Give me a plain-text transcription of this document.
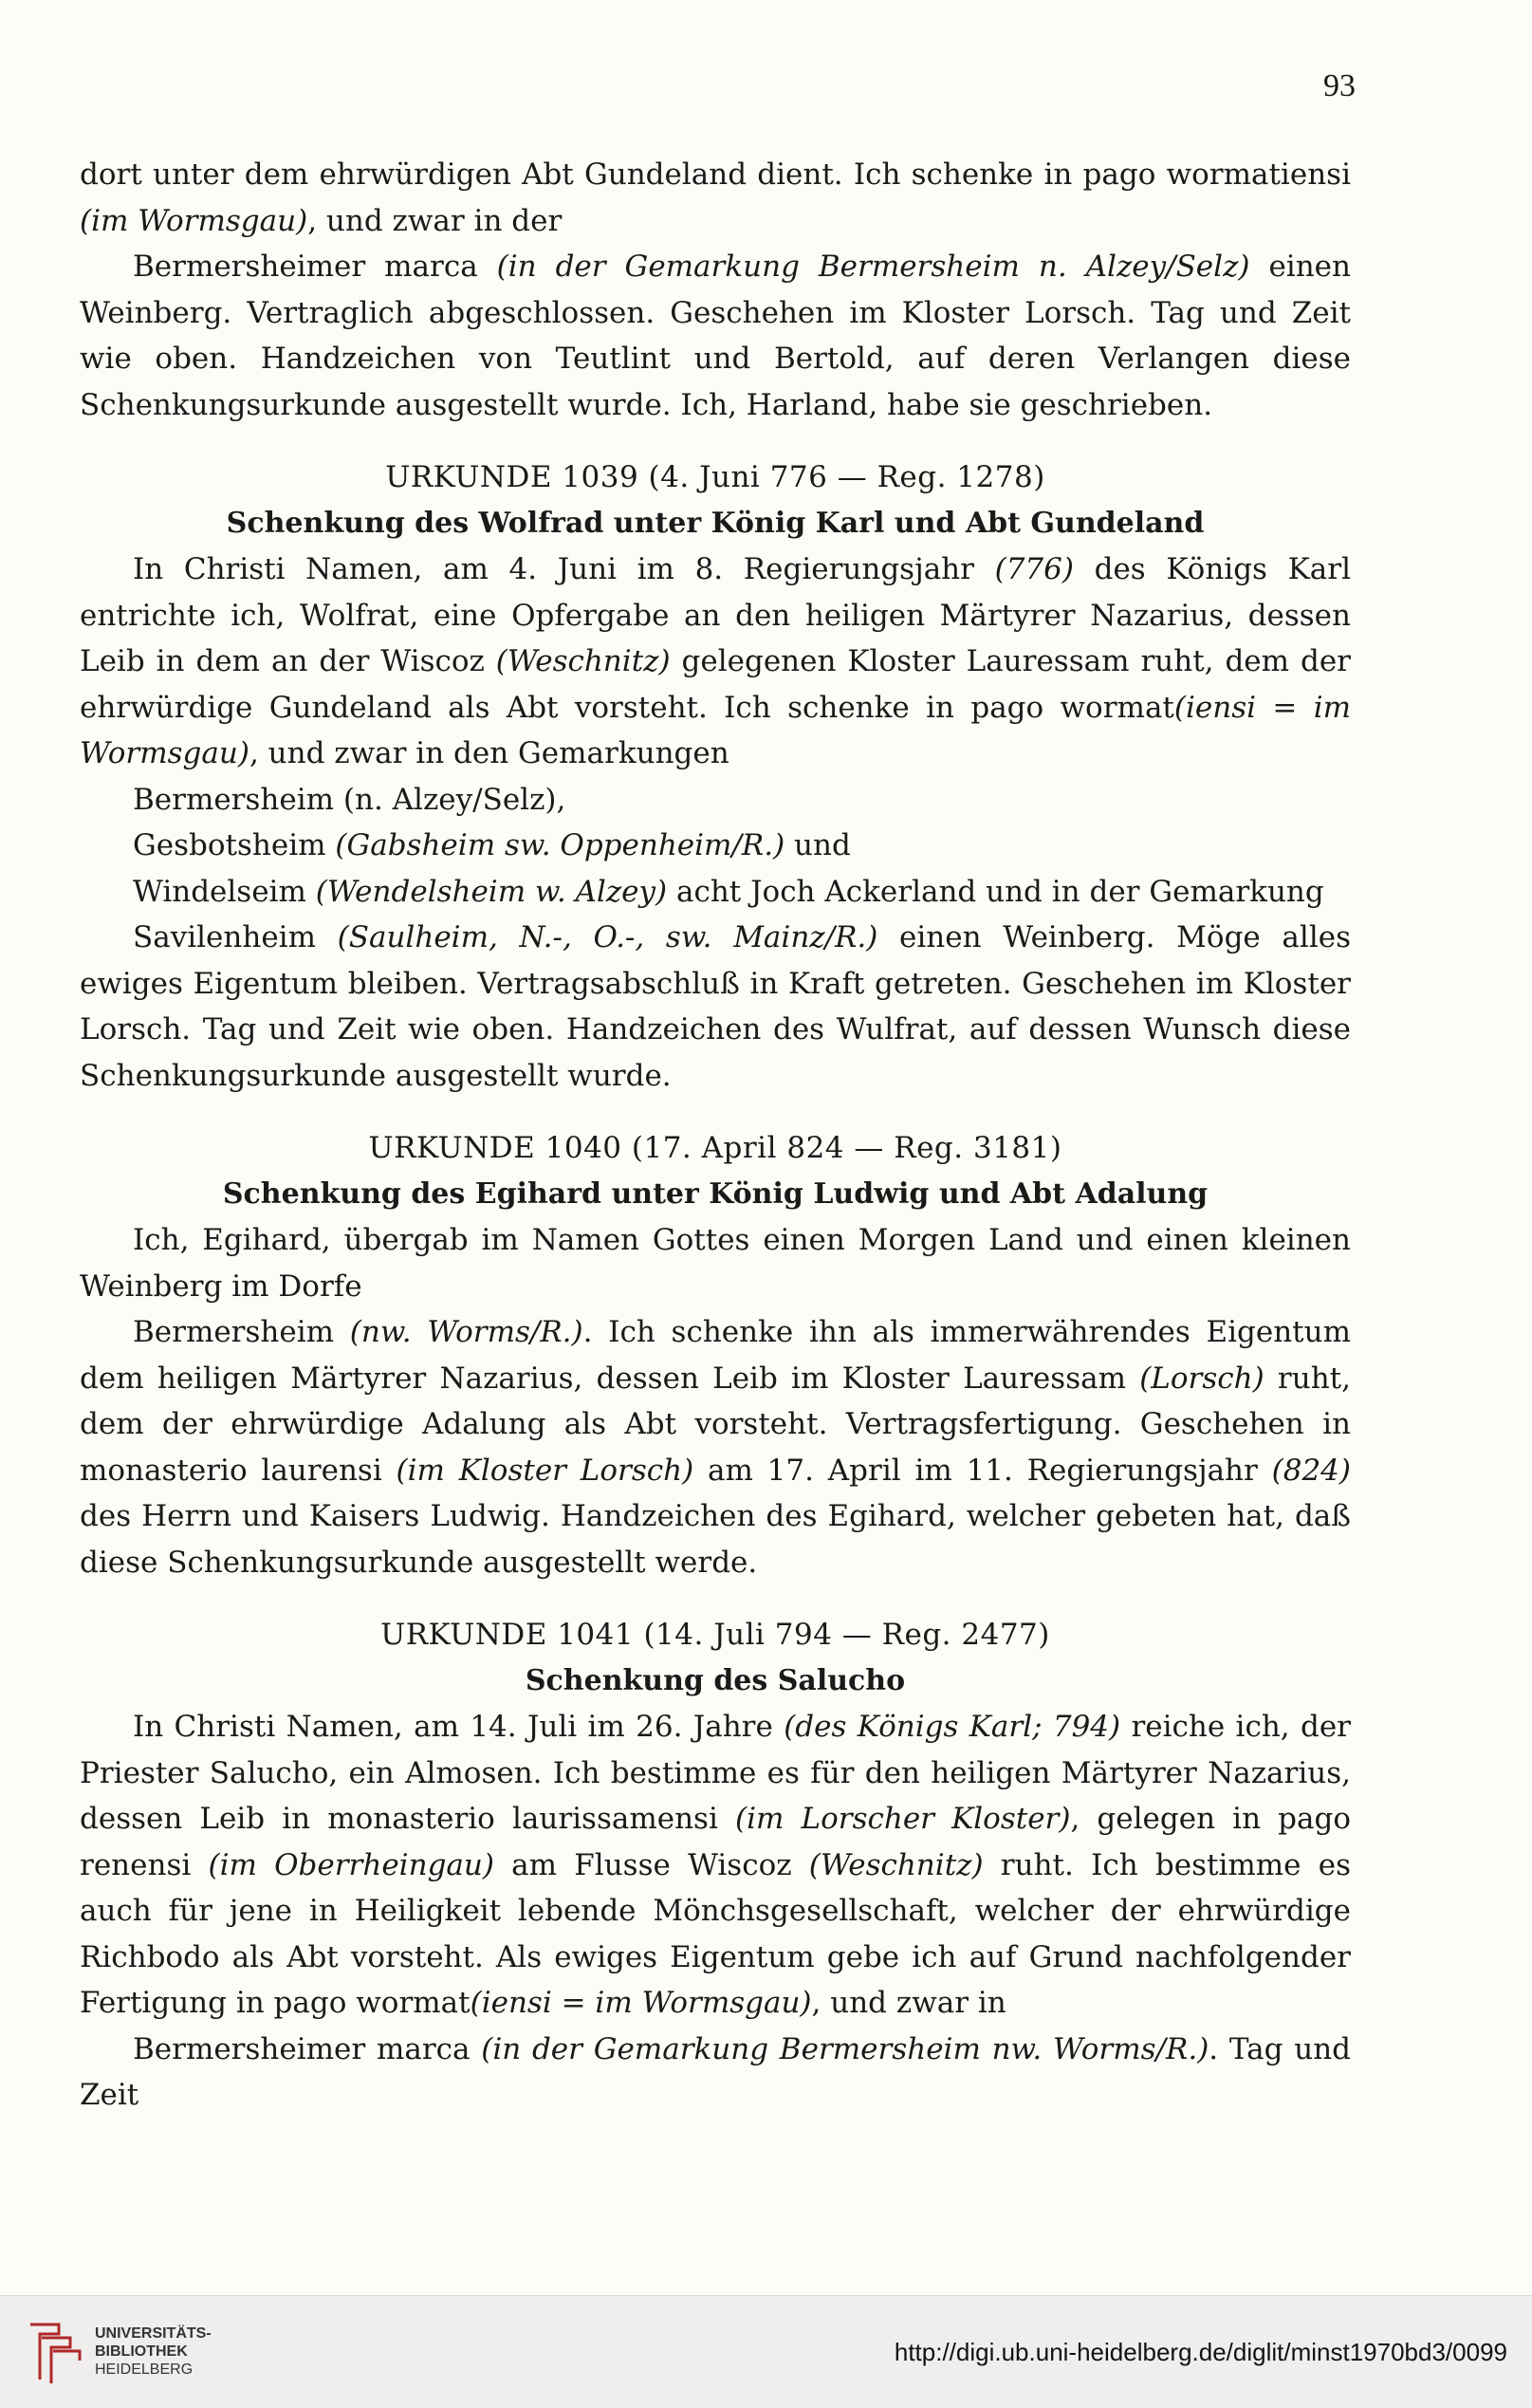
93

dort unter dem ehrwürdigen Abt Gundeland dient. Ich schenke in pago wormatiensi (im Wormsgau), und zwar in der

Bermersheimer marca (in der Gemarkung Bermersheim n. Alzey/Selz) einen Weinberg. Vertraglich abgeschlossen. Geschehen im Kloster Lorsch. Tag und Zeit wie oben. Handzeichen von Teutlint und Bertold, auf deren Verlangen diese Schenkungsurkunde ausgestellt wurde. Ich, Harland, habe sie geschrieben.

URKUNDE 1039 (4. Juni 776 — Reg. 1278)
Schenkung des Wolfrad unter König Karl und Abt Gundeland

In Christi Namen, am 4. Juni im 8. Regierungsjahr (776) des Königs Karl entrichte ich, Wolfrat, eine Opfergabe an den heiligen Märtyrer Nazarius, dessen Leib in dem an der Wiscoz (Weschnitz) gelegenen Kloster Lauressam ruht, dem der ehrwürdige Gundeland als Abt vorsteht. Ich schenke in pago wormat(iensi = im Wormsgau), und zwar in den Gemarkungen

Bermersheim (n. Alzey/Selz),

Gesbotsheim (Gabsheim sw. Oppenheim/R.) und

Windelseim (Wendelsheim w. Alzey) acht Joch Ackerland und in der Gemarkung

Savilenheim (Saulheim, N.-, O.-, sw. Mainz/R.) einen Weinberg. Möge alles ewiges Eigentum bleiben. Vertragsabschluß in Kraft getreten. Geschehen im Kloster Lorsch. Tag und Zeit wie oben. Handzeichen des Wulfrat, auf dessen Wunsch diese Schenkungsurkunde ausgestellt wurde.

URKUNDE 1040 (17. April 824 — Reg. 3181)
Schenkung des Egihard unter König Ludwig und Abt Adalung

Ich, Egihard, übergab im Namen Gottes einen Morgen Land und einen kleinen Weinberg im Dorfe

Bermersheim (nw. Worms/R.). Ich schenke ihn als immerwährendes Eigentum dem heiligen Märtyrer Nazarius, dessen Leib im Kloster Lauressam (Lorsch) ruht, dem der ehrwürdige Adalung als Abt vorsteht. Vertragsfertigung. Geschehen in monasterio laurensi (im Kloster Lorsch) am 17. April im 11. Regierungsjahr (824) des Herrn und Kaisers Ludwig. Handzeichen des Egihard, welcher gebeten hat, daß diese Schenkungsurkunde ausgestellt werde.

URKUNDE 1041 (14. Juli 794 — Reg. 2477)
Schenkung des Salucho

In Christi Namen, am 14. Juli im 26. Jahre (des Königs Karl; 794) reiche ich, der Priester Salucho, ein Almosen. Ich bestimme es für den heiligen Märtyrer Nazarius, dessen Leib in monasterio laurissamensi (im Lorscher Kloster), gelegen in pago renensi (im Oberrheingau) am Flusse Wiscoz (Weschnitz) ruht. Ich bestimme es auch für jene in Heiligkeit lebende Mönchsgesellschaft, welcher der ehrwürdige Richbodo als Abt vorsteht. Als ewiges Eigentum gebe ich auf Grund nachfolgender Fertigung in pago wormat(iensi = im Wormsgau), und zwar in

Bermersheimer marca (in der Gemarkung Bermersheim nw. Worms/R.). Tag und Zeit

UNIVERSITÄTS-
BIBLIOTHEK
HEIDELBERG
http://digi.ub.uni-heidelberg.de/diglit/minst1970bd3/0099
